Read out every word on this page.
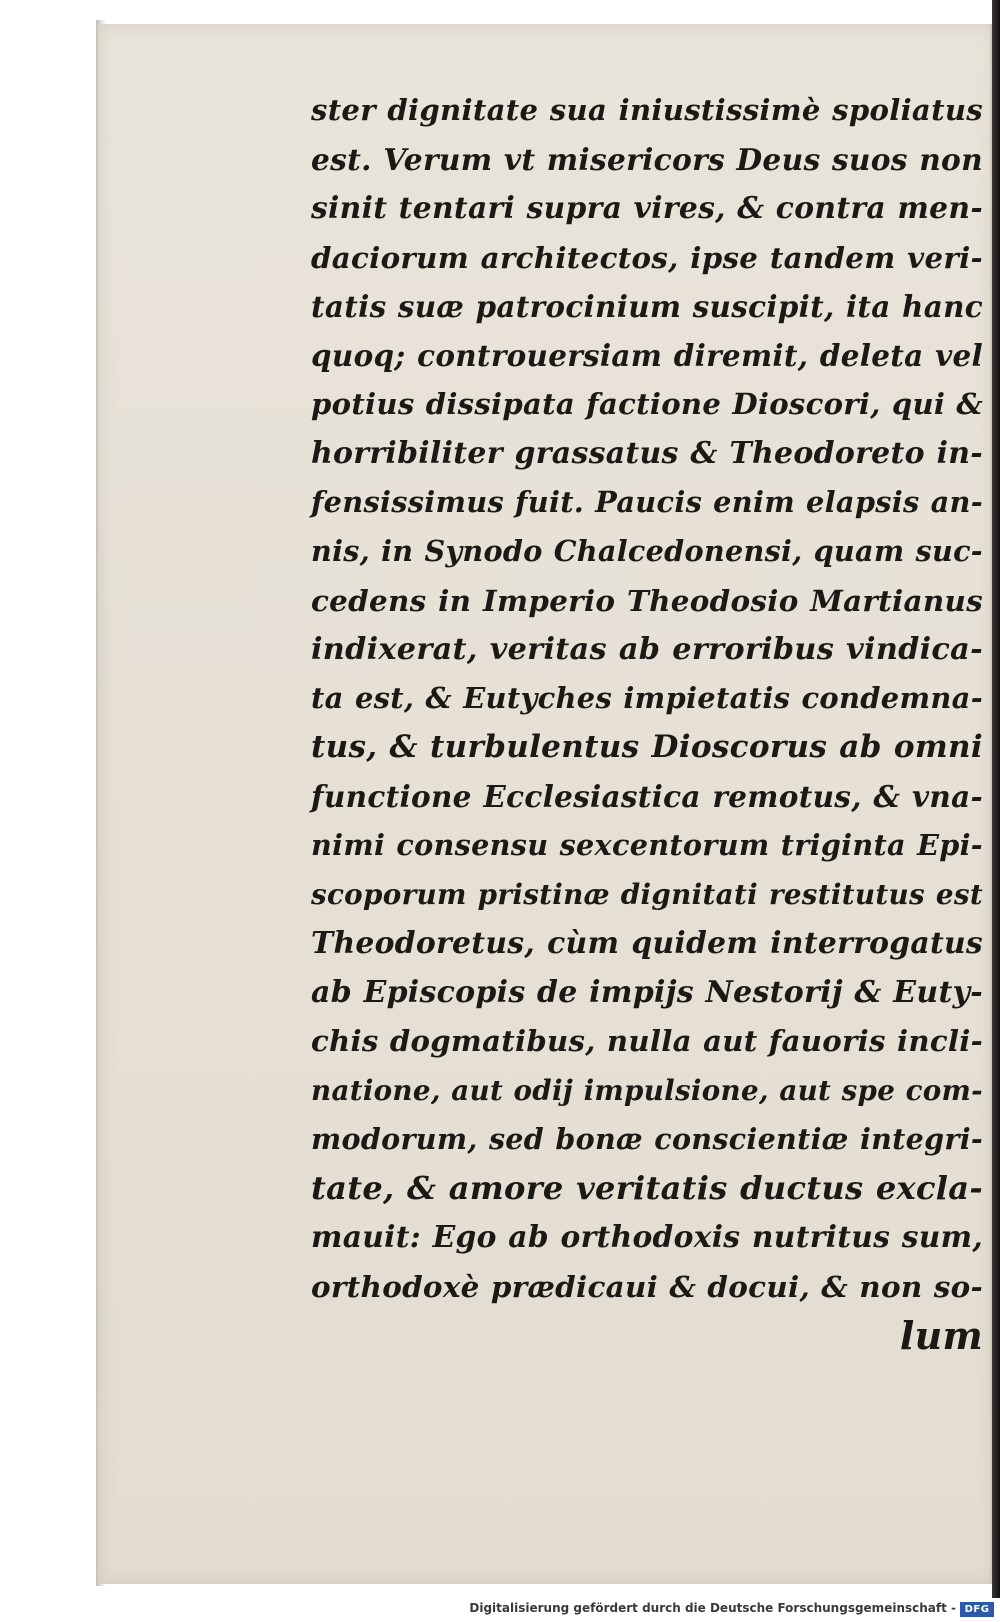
ster dignitate sua iniustissimè spoliatus
est. Verum vt misericors Deus suos non
sinit tentari supra vires, & contra men-
daciorum architectos, ipse tandem veri-
tatis suæ patrocinium suscipit, ita hanc
quoq; controuersiam diremit, deleta vel
potius dissipata factione Dioscori, qui &
horribiliter grassatus & Theodoreto in-
fensissimus fuit. Paucis enim elapsis an-
nis, in Synodo Chalcedonensi, quam suc-
cedens in Imperio Theodosio Martianus
indixerat, veritas ab erroribus vindica-
ta est, & Eutyches impietatis condemna-
tus, & turbulentus Dioscorus ab omni
functione Ecclesiastica remotus, & vna-
nimi consensu sexcentorum triginta Epi-
scoporum pristinæ dignitati restitutus est
Theodoretus, cùm quidem interrogatus
ab Episcopis de impijs Nestorij & Euty-
chis dogmatibus, nulla aut fauoris incli-
natione, aut odij impulsione, aut spe com-
modorum, sed bonæ conscientiæ integri-
tate, & amore veritatis ductus excla-
mauit: Ego ab orthodoxis nutritus sum,
orthodoxè prædicaui & docui, & non so-
lum
Digitalisierung gefördert durch die Deutsche Forschungsgemeinschaft - DFG
